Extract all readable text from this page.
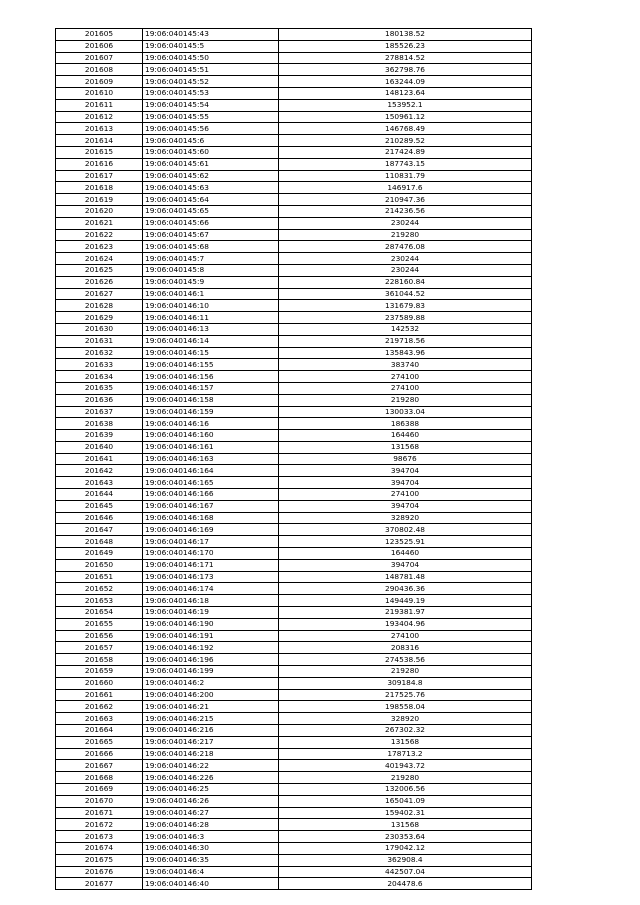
201605	19:06:040145:43	180138.52
201606	19:06:040145:5	185526.23
201607	19:06:040145:50	278814.52
201608	19:06:040145:51	362798.76
201609	19:06:040145:52	163244.09
201610	19:06:040145:53	148123.64
201611	19:06:040145:54	153952.1
201612	19:06:040145:55	150961.12
201613	19:06:040145:56	146768.49
201614	19:06:040145:6	210289.52
201615	19:06:040145:60	217424.89
201616	19:06:040145:61	187743.15
201617	19:06:040145:62	110831.79
201618	19:06:040145:63	146917.6
201619	19:06:040145:64	210947.36
201620	19:06:040145:65	214236.56
201621	19:06:040145:66	230244
201622	19:06:040145:67	219280
201623	19:06:040145:68	287476.08
201624	19:06:040145:7	230244
201625	19:06:040145:8	230244
201626	19:06:040145:9	228160.84
201627	19:06:040146:1	361044.52
201628	19:06:040146:10	131679.83
201629	19:06:040146:11	237589.88
201630	19:06:040146:13	142532
201631	19:06:040146:14	219718.56
201632	19:06:040146:15	135843.96
201633	19:06:040146:155	383740
201634	19:06:040146:156	274100
201635	19:06:040146:157	274100
201636	19:06:040146:158	219280
201637	19:06:040146:159	130033.04
201638	19:06:040146:16	186388
201639	19:06:040146:160	164460
201640	19:06:040146:161	131568
201641	19:06:040146:163	98676
201642	19:06:040146:164	394704
201643	19:06:040146:165	394704
201644	19:06:040146:166	274100
201645	19:06:040146:167	394704
201646	19:06:040146:168	328920
201647	19:06:040146:169	370802.48
201648	19:06:040146:17	123525.91
201649	19:06:040146:170	164460
201650	19:06:040146:171	394704
201651	19:06:040146:173	148781.48
201652	19:06:040146:174	290436.36
201653	19:06:040146:18	149449.19
201654	19:06:040146:19	219381.97
201655	19:06:040146:190	193404.96
201656	19:06:040146:191	274100
201657	19:06:040146:192	208316
201658	19:06:040146:196	274538.56
201659	19:06:040146:199	219280
201660	19:06:040146:2	309184.8
201661	19:06:040146:200	217525.76
201662	19:06:040146:21	198558.04
201663	19:06:040146:215	328920
201664	19:06:040146:216	267302.32
201665	19:06:040146:217	131568
201666	19:06:040146:218	178713.2
201667	19:06:040146:22	401943.72
201668	19:06:040146:226	219280
201669	19:06:040146:25	132006.56
201670	19:06:040146:26	165041.09
201671	19:06:040146:27	159402.31
201672	19:06:040146:28	131568
201673	19:06:040146:3	230353.64
201674	19:06:040146:30	179042.12
201675	19:06:040146:35	362908.4
201676	19:06:040146:4	442507.04
201677	19:06:040146:40	204478.6
